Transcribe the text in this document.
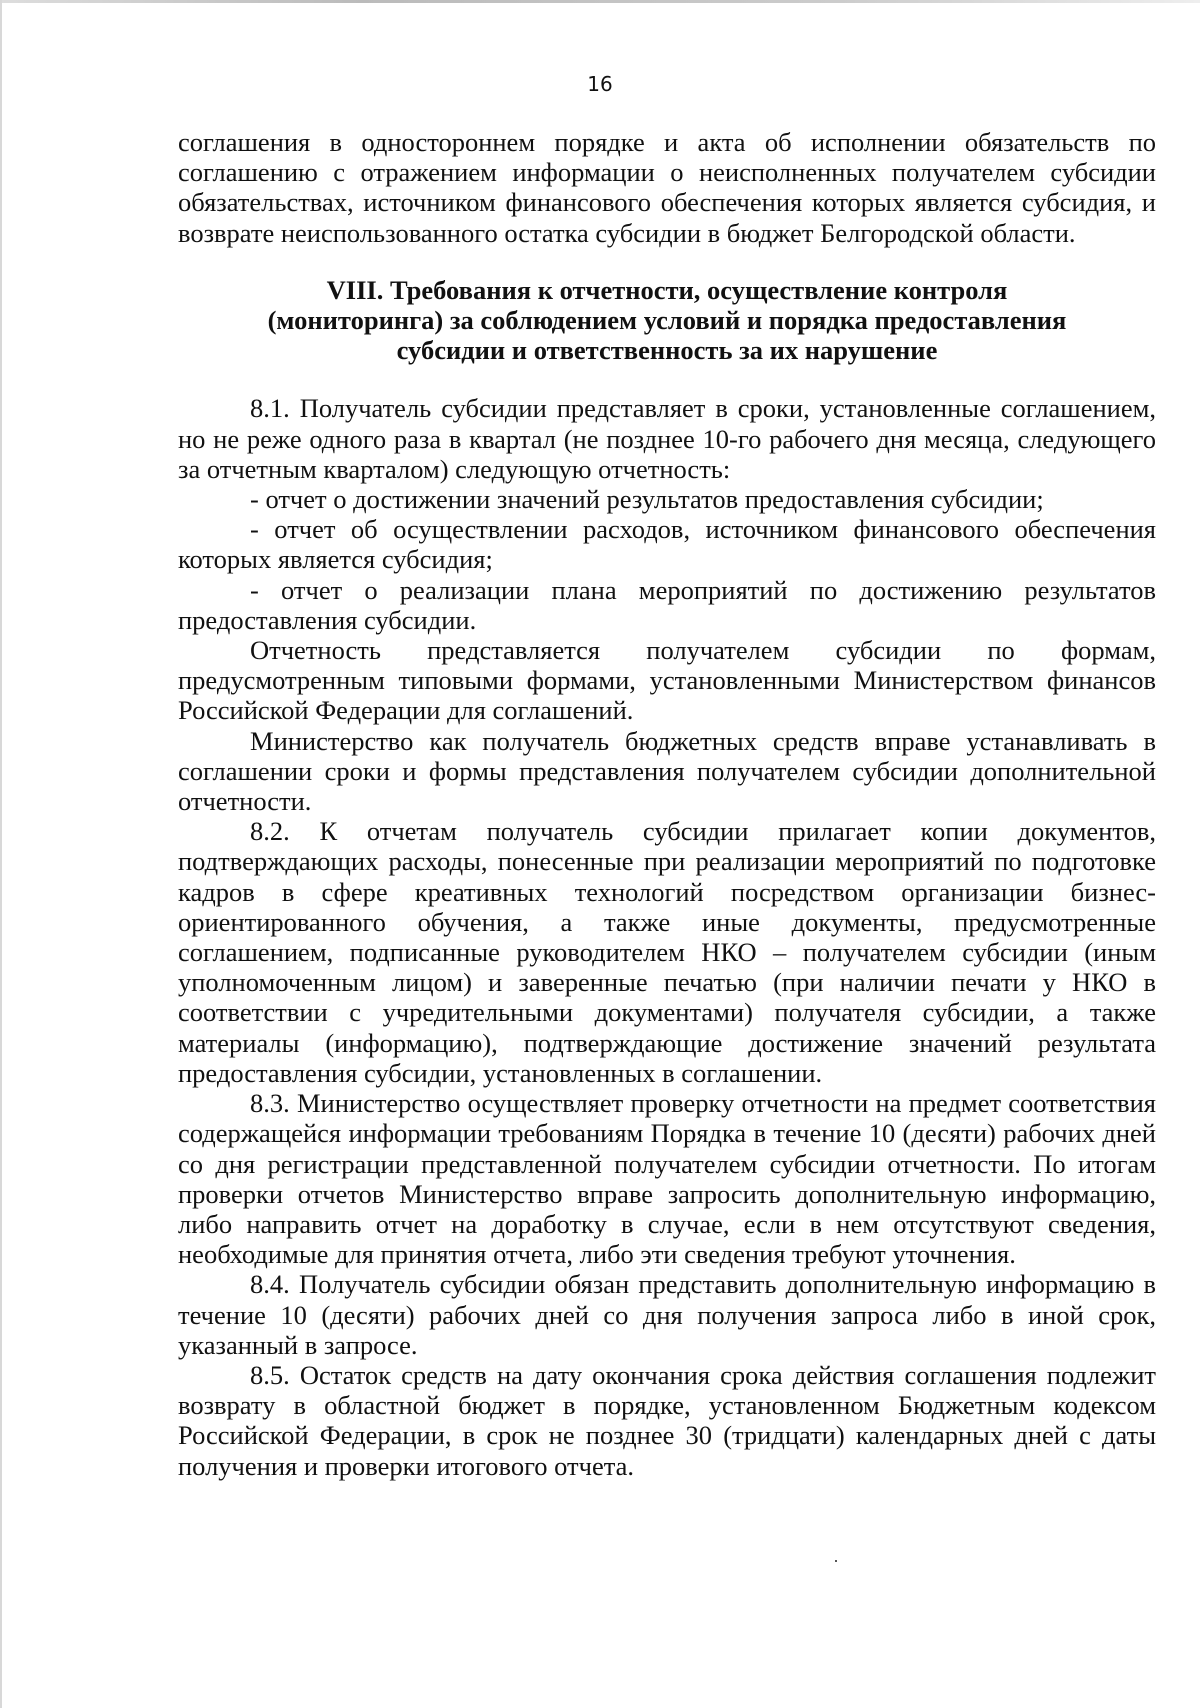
16

соглашения в одностороннем порядке и акта об исполнении обязательств по соглашению с отражением информации о неисполненных получателем субсидии обязательствах, источником финансового обеспечения которых является субсидия, и возврате неиспользованного остатка субсидии в бюджет Белгородской области.

VIII. Требования к отчетности, осуществление контроля
(мониторинга) за соблюдением условий и порядка предоставления
субсидии и ответственность за их нарушение

8.1. Получатель субсидии представляет в сроки, установленные соглашением, но не реже одного раза в квартал (не позднее 10-го рабочего дня месяца, следующего за отчетным кварталом) следующую отчетность:

- отчет о достижении значений результатов предоставления субсидии;

- отчет об осуществлении расходов, источником финансового обеспечения которых является субсидия;

- отчет о реализации плана мероприятий по достижению результатов предоставления субсидии.

Отчетность представляется получателем субсидии по формам, предусмотренным типовыми формами, установленными Министерством финансов Российской Федерации для соглашений.

Министерство как получатель бюджетных средств вправе устанавливать в соглашении сроки и формы представления получателем субсидии дополнительной отчетности.

8.2. К отчетам получатель субсидии прилагает копии документов, подтверждающих расходы, понесенные при реализации мероприятий по подготовке кадров в сфере креативных технологий посредством организации бизнес-ориентированного обучения, а также иные документы, предусмотренные соглашением, подписанные руководителем НКО – получателем субсидии (иным уполномоченным лицом) и заверенные печатью (при наличии печати у НКО в соответствии с учредительными документами) получателя субсидии, а также материалы (информацию), подтверждающие достижение значений результата предоставления субсидии, установленных в соглашении.

8.3. Министерство осуществляет проверку отчетности на предмет соответствия содержащейся информации требованиям Порядка в течение 10 (десяти) рабочих дней со дня регистрации представленной получателем субсидии отчетности. По итогам проверки отчетов Министерство вправе запросить дополнительную информацию, либо направить отчет на доработку в случае, если в нем отсутствуют сведения, необходимые для принятия отчета, либо эти сведения требуют уточнения.

8.4. Получатель субсидии обязан представить дополнительную информацию в течение 10 (десяти) рабочих дней со дня получения запроса либо в иной срок, указанный в запросе.

8.5. Остаток средств на дату окончания срока действия соглашения подлежит возврату в областной бюджет в порядке, установленном Бюджетным кодексом Российской Федерации, в срок не позднее 30 (тридцати) календарных дней с даты получения и проверки итогового отчета.
